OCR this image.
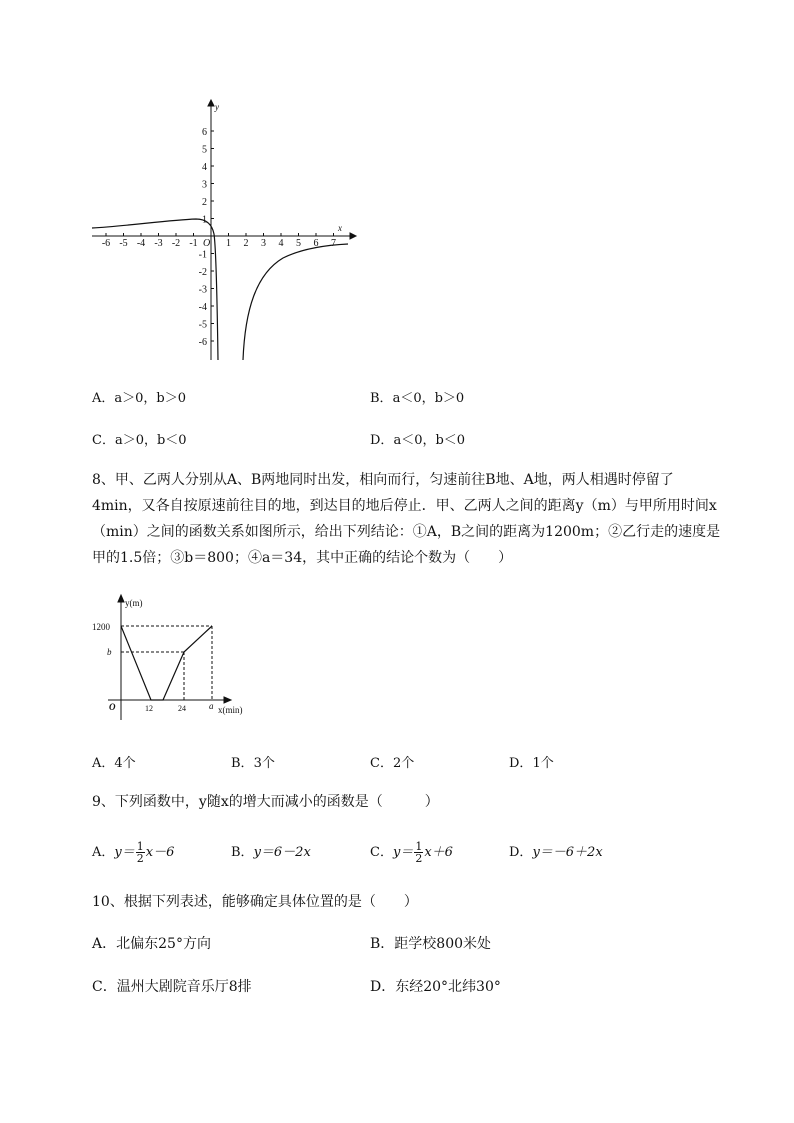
-6 -5 -4 -3 -2 -1	1 2 3 4 5 6 7
6
5
4
3
2
1
-1
-2
-3
-4
-5
-6
x
y
O
A．a＞0，b＞0	B．a＜0，b＞0
C．a＞0，b＜0	D．a＜0，b＜0
8、甲、乙两人分别从A、B两地同时出发，相向而行，匀速前往B地、A地，两人相遇时停留了
4min，又各自按原速前往目的地，到达目的地后停止．甲、乙两人之间的距离y（m）与甲所用时间x
（min）之间的函数关系如图所示，给出下列结论：①A，B之间的距离为1200m；②乙行走的速度是
甲的1.5倍；③b＝800；④a＝34，其中正确的结论个数为（　　）
y(m)
1200
b
O	12	24	a x(min)
A．4个	B．3个	C．2个	D．1个
9、下列函数中，y随x的增大而减小的函数是（　　　）
A．$y= \frac{1}{2} x-6$	B．y＝6－2x	C．$y= \frac{1}{2} x+6$	D．y＝－6＋2x
10、根据下列表述，能够确定具体位置的是（　　）
A．北偏东25°方向	B．距学校800米处
C．温州大剧院音乐厅8排	D．东经20°北纬30°
